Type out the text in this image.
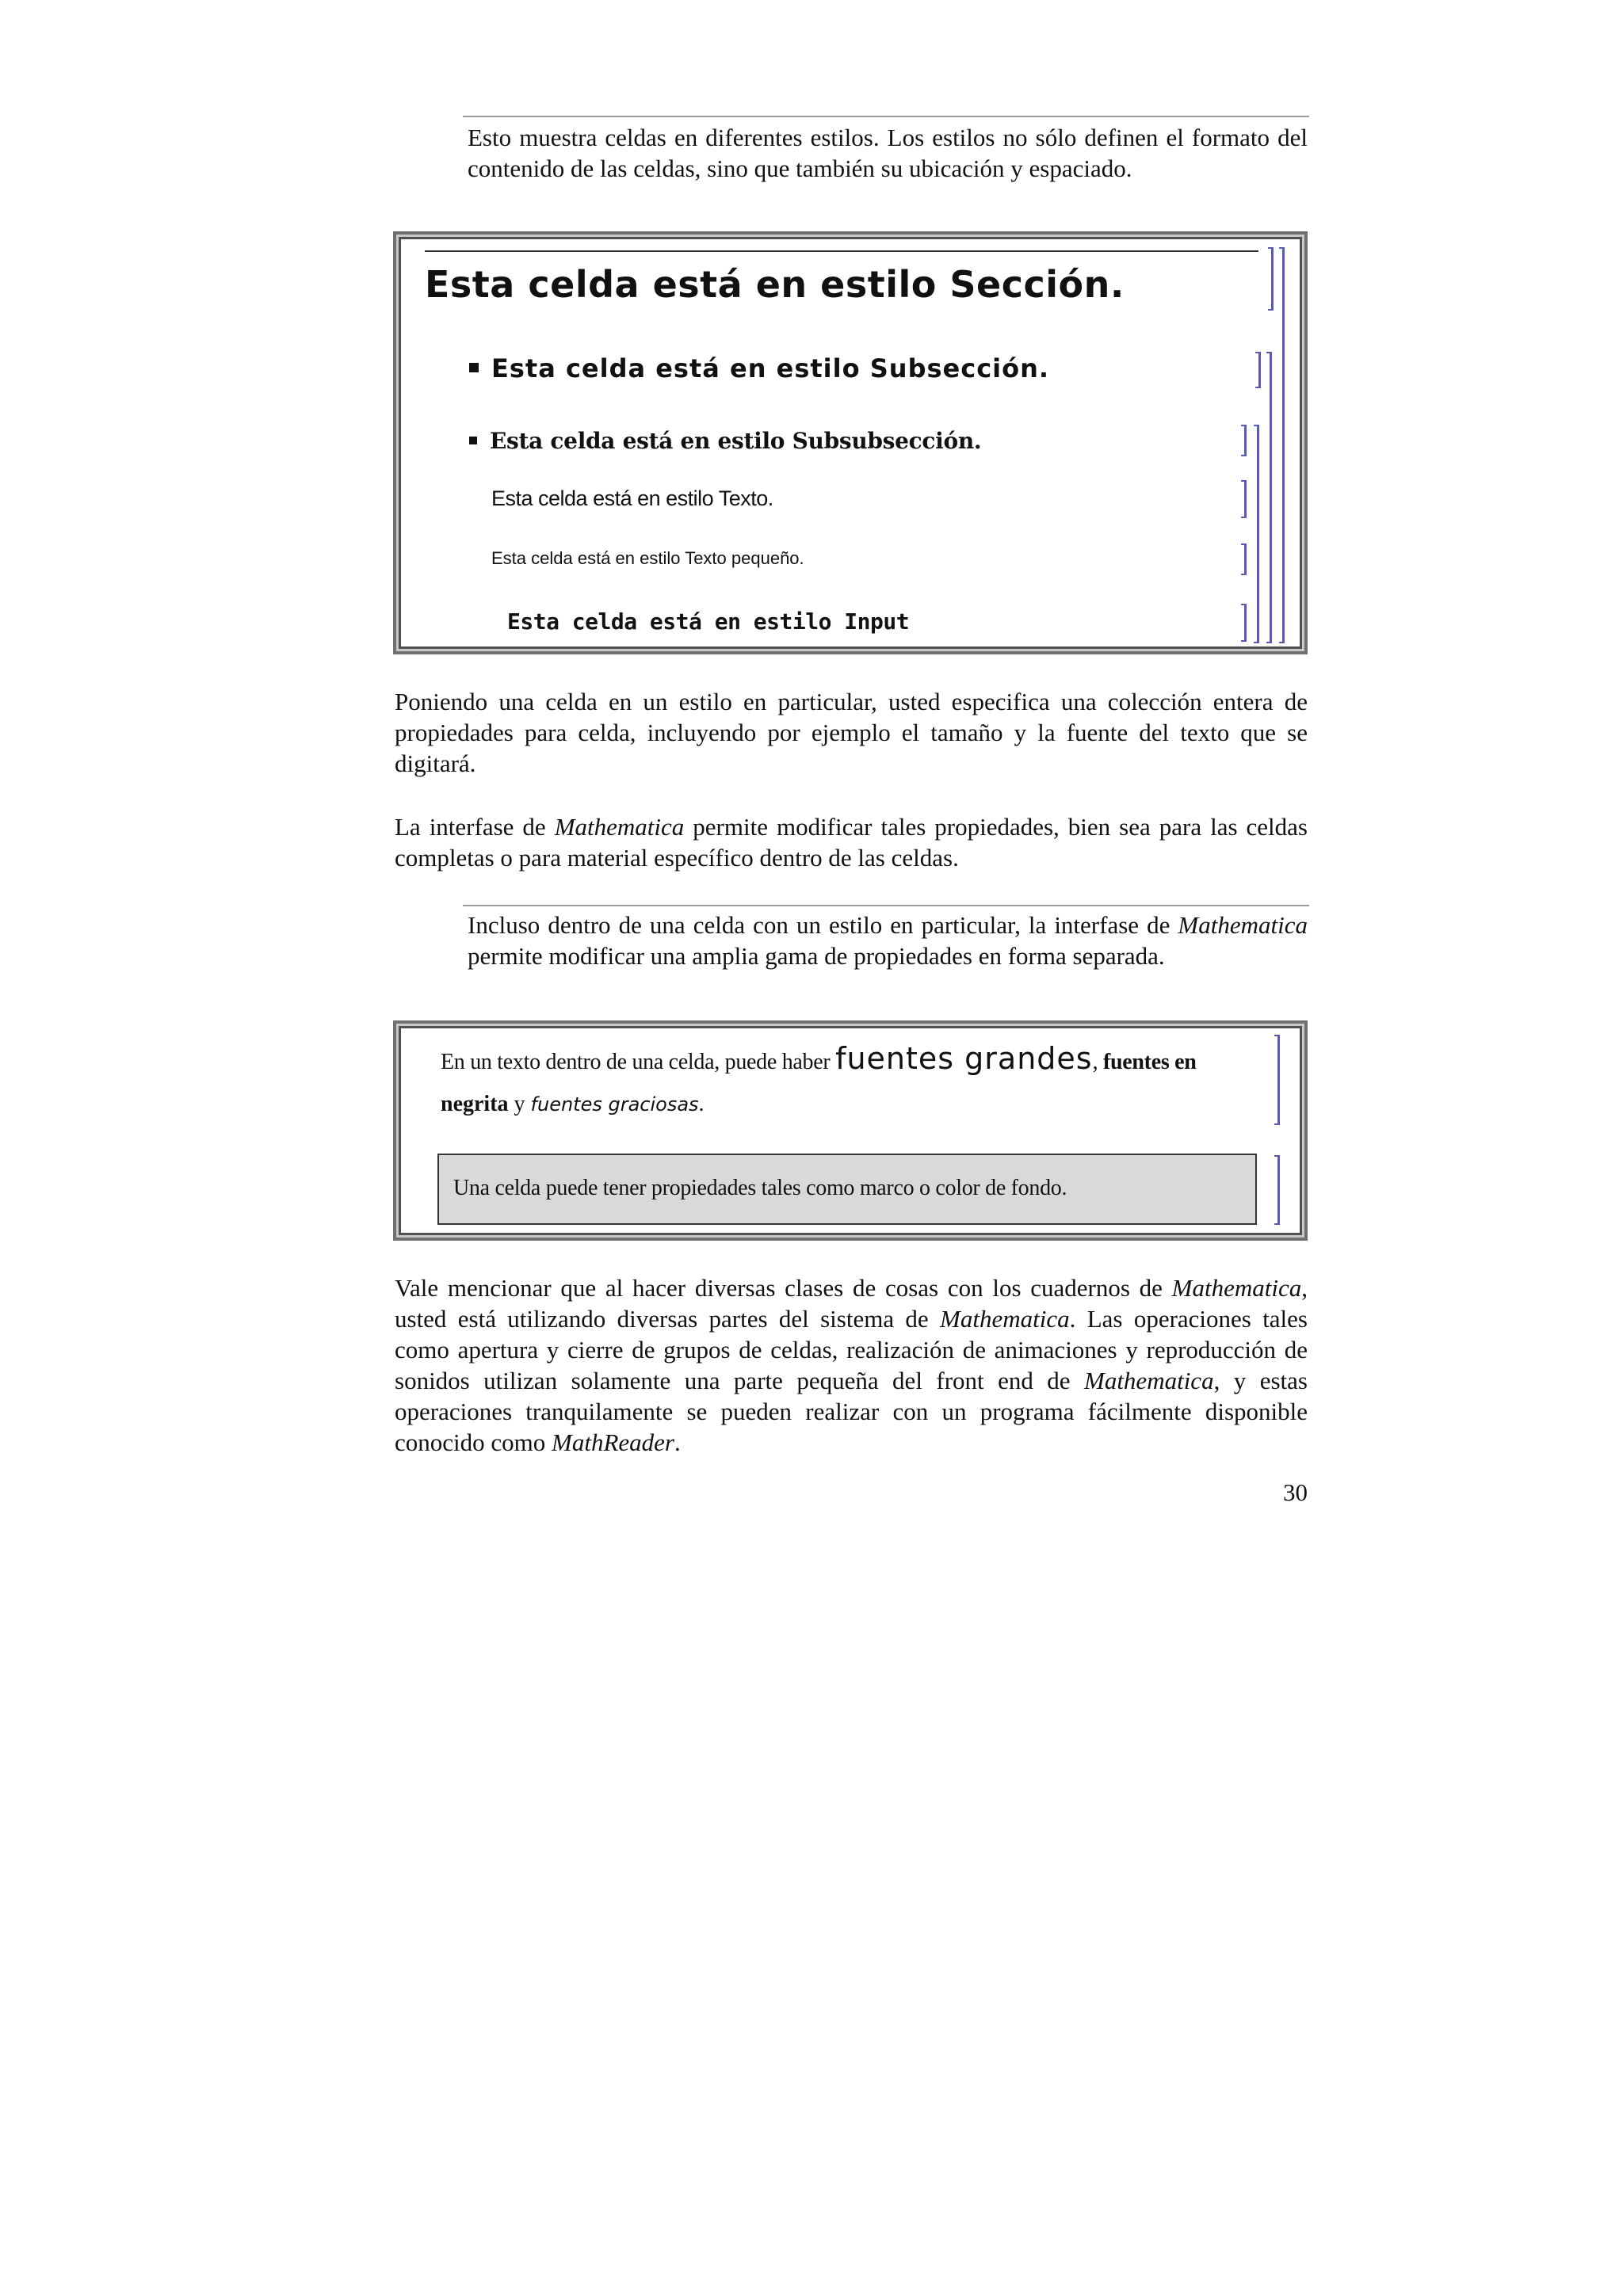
Esto muestra celdas en diferentes estilos. Los estilos no sólo definen el formato del contenido de las celdas, sino que también su ubicación y espaciado.

Esta celda está en estilo Sección.
Esta celda está en estilo Subsección.
Esta celda está en estilo Subsubsección.
Esta celda está en estilo Texto.
Esta celda está en estilo Texto pequeño.
Esta celda está en estilo Input

Poniendo una celda en un estilo en particular, usted especifica una colección entera de propiedades para celda, incluyendo por ejemplo el tamaño y la fuente del texto que se digitará.

La interfase de Mathematica permite modificar tales propiedades, bien sea para las celdas completas o para material específico dentro de las celdas.

Incluso dentro de una celda con un estilo en particular, la interfase de Mathematica permite modificar una amplia gama de propiedades en forma separada.

En un texto dentro de una celda, puede haber fuentes grandes, fuentes en
negrita y fuentes graciosas.
Una celda puede tener propiedades tales como marco o color de fondo.

Vale mencionar que al hacer diversas clases de cosas con los cuadernos de Mathematica, usted está utilizando diversas partes del sistema de Mathematica. Las operaciones tales como apertura y cierre de grupos de celdas, realización de animaciones y reproducción de sonidos utilizan solamente una parte pequeña del front end de Mathematica, y estas operaciones tranquilamente se pueden realizar con un programa fácilmente disponible conocido como MathReader.

30
